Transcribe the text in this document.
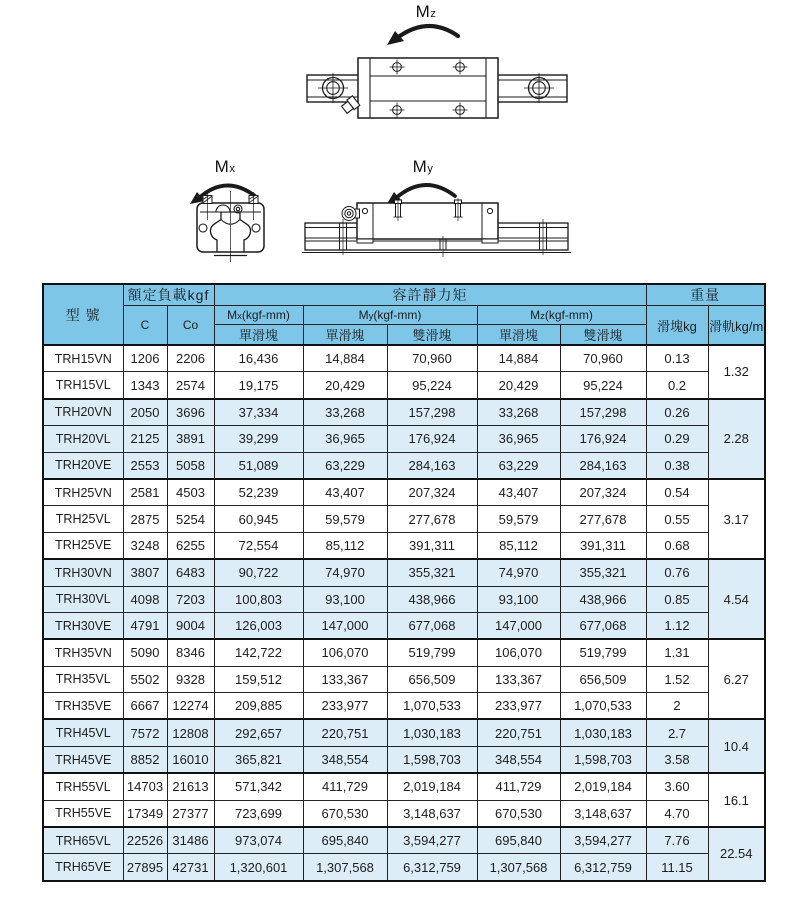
Mz
Mx	My
型 號	額定負載kgf		容許靜力矩					重量	
	C	Co	Mx(kgf-mm)	My(kgf-mm)		Mz(kgf-mm)		滑塊kg	滑軌kg/m
			單滑塊	單滑塊	雙滑塊	單滑塊	雙滑塊		
TRH15VN	1206	2206	16,436	14,884	70,960	14,884	70,960	0.13	1.32
TRH15VL	1343	2574	19,175	20,429	95,224	20,429	95,224	0.2	
TRH20VN	2050	3696	37,334	33,268	157,298	33,268	157,298	0.26	2.28
TRH20VL	2125	3891	39,299	36,965	176,924	36,965	176,924	0.29	
TRH20VE	2553	5058	51,089	63,229	284,163	63,229	284,163	0.38	
TRH25VN	2581	4503	52,239	43,407	207,324	43,407	207,324	0.54	3.17
TRH25VL	2875	5254	60,945	59,579	277,678	59,579	277,678	0.55	
TRH25VE	3248	6255	72,554	85,112	391,311	85,112	391,311	0.68	
TRH30VN	3807	6483	90,722	74,970	355,321	74,970	355,321	0.76	4.54
TRH30VL	4098	7203	100,803	93,100	438,966	93,100	438,966	0.85	
TRH30VE	4791	9004	126,003	147,000	677,068	147,000	677,068	1.12	
TRH35VN	5090	8346	142,722	106,070	519,799	106,070	519,799	1.31	6.27
TRH35VL	5502	9328	159,512	133,367	656,509	133,367	656,509	1.52	
TRH35VE	6667	12274	209,885	233,977	1,070,533	233,977	1,070,533	2	
TRH45VL	7572	12808	292,657	220,751	1,030,183	220,751	1,030,183	2.7	10.4
TRH45VE	8852	16010	365,821	348,554	1,598,703	348,554	1,598,703	3.58	
TRH55VL	14703	21613	571,342	411,729	2,019,184	411,729	2,019,184	3.60	16.1
TRH55VE	17349	27377	723,699	670,530	3,148,637	670,530	3,148,637	4.70	
TRH65VL	22526	31486	973,074	695,840	3,594,277	695,840	3,594,277	7.76	22.54
TRH65VE	27895	42731	1,320,601	1,307,568	6,312,759	1,307,568	6,312,759	11.15	
